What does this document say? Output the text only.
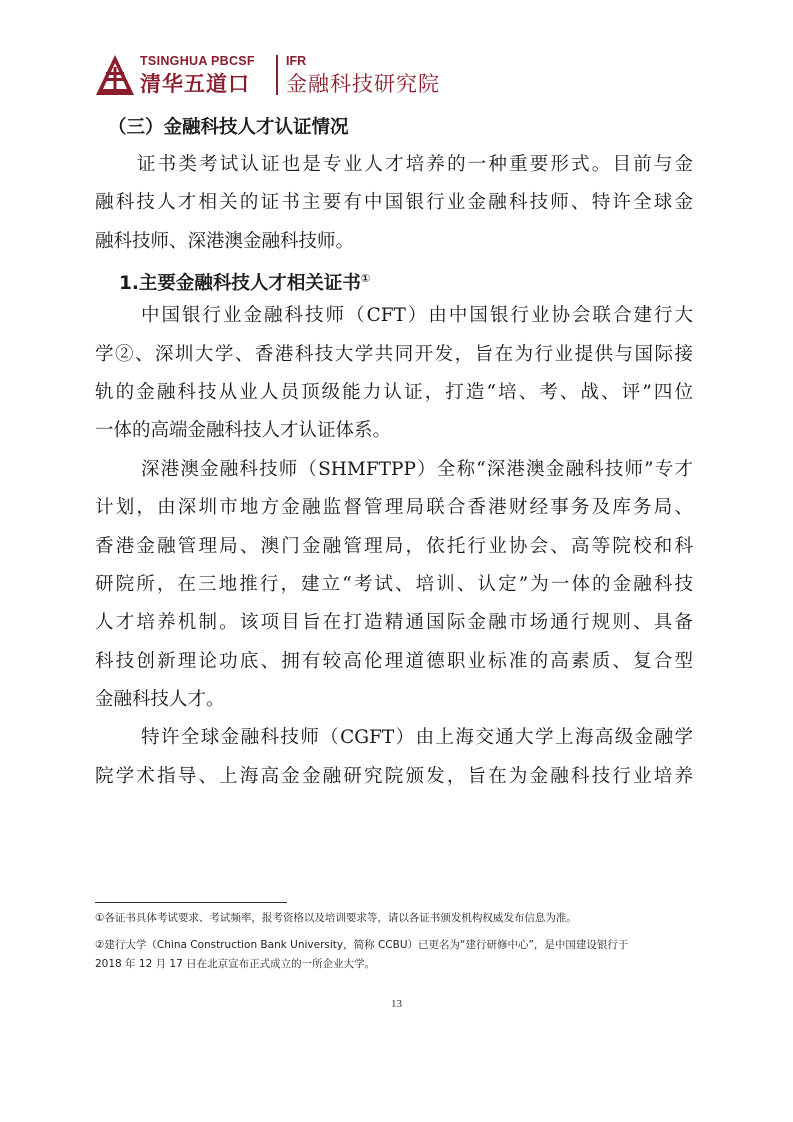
TSINGHUA PBCSF
清华五道口
IFR
金融科技研究院
（三）金融科技人才认证情况
证书类考试认证也是专业人才培养的一种重要形式。目前与金
融科技人才相关的证书主要有中国银行业金融科技师、特许全球金
融科技师、深港澳金融科技师。
1.主要金融科技人才相关证书①
中国银行业金融科技师（CFT）由中国银行业协会联合建行大
学②、深圳大学、香港科技大学共同开发，旨在为行业提供与国际接
轨的金融科技从业人员顶级能力认证，打造“培、考、战、评”四位
一体的高端金融科技人才认证体系。
深港澳金融科技师（SHMFTPP）全称“深港澳金融科技师”专才
计划，由深圳市地方金融监督管理局联合香港财经事务及库务局、
香港金融管理局、澳门金融管理局，依托行业协会、高等院校和科
研院所，在三地推行，建立“考试、培训、认定”为一体的金融科技
人才培养机制。该项目旨在打造精通国际金融市场通行规则、具备
科技创新理论功底、拥有较高伦理道德职业标准的高素质、复合型
金融科技人才。
特许全球金融科技师（CGFT）由上海交通大学上海高级金融学
院学术指导、上海高金金融研究院颁发，旨在为金融科技行业培养
①各证书具体考试要求、考试频率，报考资格以及培训要求等，请以各证书颁发机构权威发布信息为准。
②建行大学（China Construction Bank University，简称 CCBU）已更名为“建行研修中心”，是中国建设银行于
2018 年 12 月 17 日在北京宣布正式成立的一所企业大学。
13
